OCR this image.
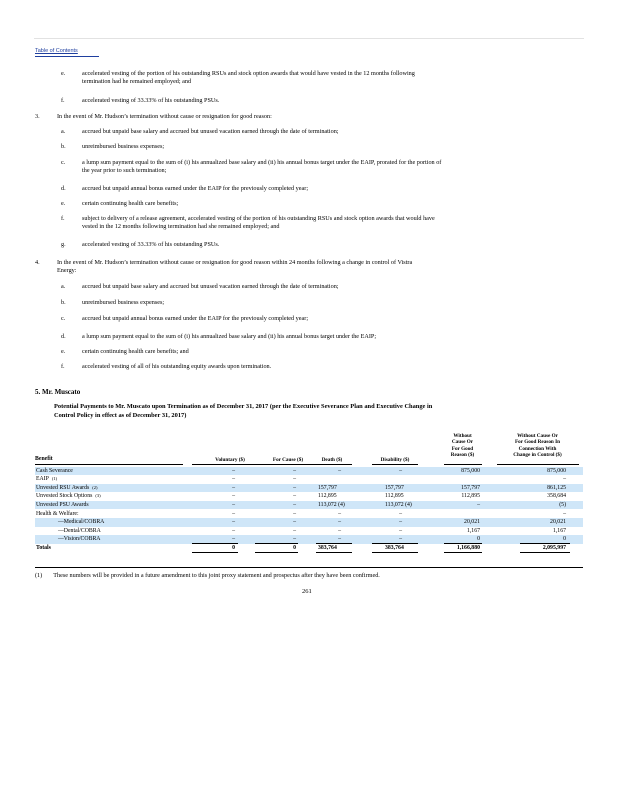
Table of Contents
e.	accelerated vesting of the portion of his outstanding RSUs and stock option awards that would have vested in the 12 months following
termination had he remained employed; and
f.	accelerated vesting of 33.33% of his outstanding PSUs.
3.	In the event of Mr. Hudson’s termination without cause or resignation for good reason:
a.	accrued but unpaid base salary and accrued but unused vacation earned through the date of termination;
b.	unreimbursed business expenses;
c.	a lump sum payment equal to the sum of (i) his annualized base salary and (ii) his annual bonus target under the EAIP, prorated for the portion of
the year prior to such termination;
d.	accrued but unpaid annual bonus earned under the EAIP for the previously completed year;
e.	certain continuing health care benefits;
f.	subject to delivery of a release agreement, accelerated vesting of the portion of his outstanding RSUs and stock option awards that would have
vested in the 12 months following termination had she remained employed; and
g.	accelerated vesting of 33.33% of his outstanding PSUs.
4.	In the event of Mr. Hudson’s termination without cause or resignation for good reason within 24 months following a change in control of Vistra
Energy:
a.	accrued but unpaid base salary and accrued but unused vacation earned through the date of termination;
b.	unreimbursed business expenses;
c.	accrued but unpaid annual bonus earned under the EAIP for the previously completed year;
d.	a lump sum payment equal to the sum of (i) his annualized base salary and (ii) his annual bonus target under the EAIP;
e.	certain continuing health care benefits; and
f.	accelerated vesting of all of his outstanding equity awards upon termination.
5. Mr. Muscato
Potential Payments to Mr. Muscato upon Termination as of December 31, 2017 (per the Executive Severance Plan and Executive Change in
Control Policy in effect as of December 31, 2017)
Benefit	Voluntary ($)	For Cause ($)	Death ($)	Disability ($)
Without
Cause Or
For Good
Reason ($)
Without Cause Or
For Good Reason In
Connection With
Change in Control ($)
Cash Severance	–	–	–	–	875,000	875,000
EAIP (1)	–	–	–
Unvested RSU Awards (2)	–	–	157,797	157,797	157,797	861,125
Unvested Stock Options (3)	–	–	112,895	112,895	112,895	358,684
Unvested PSU Awards	–	–	113,072 (4)	113,072 (4)	–	(5)
Health & Welfare:	–	–	–	–	–
—Medical/COBRA	–	–	–	–	20,021	20,021
—Dental/COBRA	–	–	–	–	1,167	1,167
—Vision/COBRA	–	–	–	–	0	0
Totals	0	0	383,764	383,764	1,166,880	2,095,997
(1) These numbers will be provided in a future amendment to this joint proxy statement and prospectus after they have been confirmed.
261
